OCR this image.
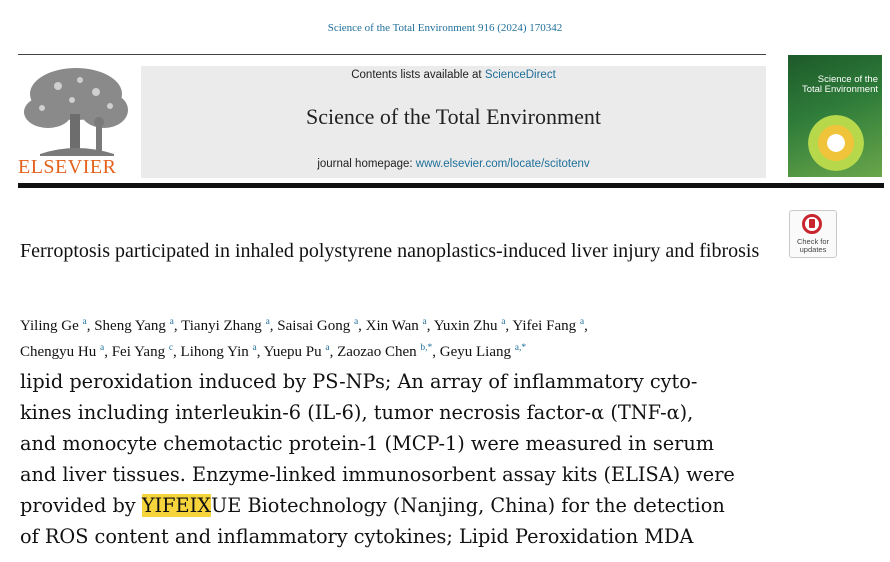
Science of the Total Environment 916 (2024) 170342
ELSEVIER
Contents lists available at ScienceDirect
Science of the Total Environment
journal homepage: www.elsevier.com/locate/scitotenv
Science of the
Total Environment
Check for
updates
Ferroptosis participated in inhaled polystyrene nanoplastics-induced liver injury and fibrosis
Yiling Ge $^a$, Sheng Yang $^a$, Tianyi Zhang $^a$, Saisai Gong $^a$, Xin Wan $^a$, Yuxin Zhu $^a$, Yifei Fang $^a$,
Chengyu Hu $^a$, Fei Yang $^c$, Lihong Yin $^a$, Yuepu Pu $^a$, Zaozao Chen $^{b,*}$, Geyu Liang $^{a,*}$
lipid peroxidation induced by PS-NPs; An array of inflammatory cyto-
kines including interleukin-6 (IL-6), tumor necrosis factor-α (TNF-α),
and monocyte chemotactic protein-1 (MCP-1) were measured in serum
and liver tissues. Enzyme-linked immunosorbent assay kits (ELISA) were
provided by YIFEIXUE Biotechnology (Nanjing, China) for the detection
of ROS content and inflammatory cytokines; Lipid Peroxidation MDA
